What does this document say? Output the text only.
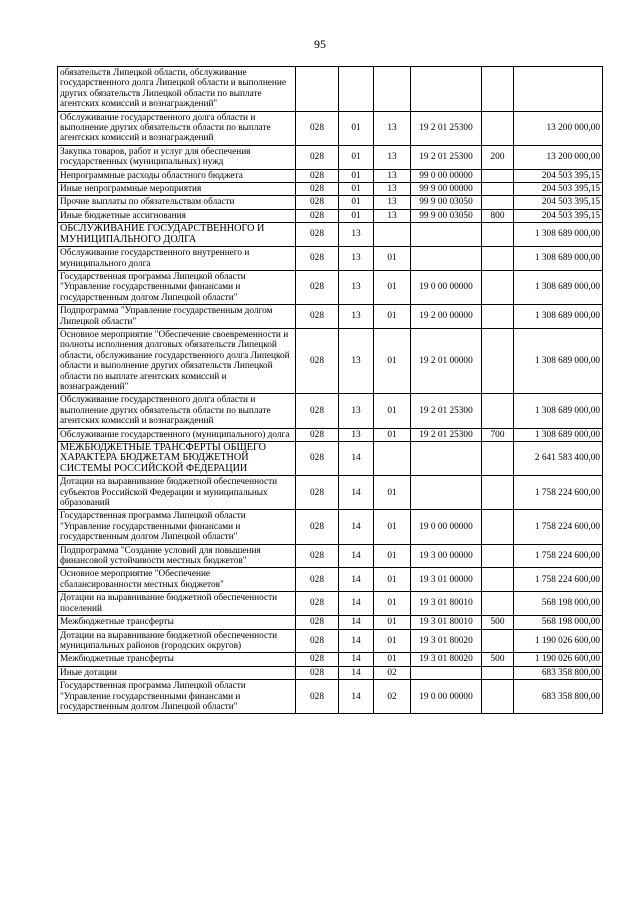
95
обязательств Липецкой области, обслуживание государственного долга Липецкой области и выполнение других обязательств Липецкой области по выплате агентских комиссий и вознаграждений"						
Обслуживание государственного долга области и выполнение других обязательств области по выплате агентских комиссий и вознаграждений	028	01	13	19 2 01 25300		13 200 000,00
Закупка товаров, работ и услуг для обеспечения государственных (муниципальных) нужд	028	01	13	19 2 01 25300	200	13 200 000,00
Непрограммные расходы областного бюджета	028	01	13	99 0 00 00000		204 503 395,15
Иные непрограммные мероприятия	028	01	13	99 9 00 00000		204 503 395,15
Прочие выплаты по обязательствам области	028	01	13	99 9 00 03050		204 503 395,15
Иные бюджетные ассигнования	028	01	13	99 9 00 03050	800	204 503 395,15
ОБСЛУЖИВАНИЕ ГОСУДАРСТВЕННОГО И МУНИЦИПАЛЬНОГО ДОЛГА	028	13				1 308 689 000,00
Обслуживание государственного внутреннего и муниципального долга	028	13	01			1 308 689 000,00
Государственная программа Липецкой области "Управление государственными финансами и государственным долгом Липецкой области"	028	13	01	19 0 00 00000		1 308 689 000,00
Подпрограмма "Управление государственным долгом Липецкой области"	028	13	01	19 2 00 00000		1 308 689 000,00
Основное мероприятие "Обеспечение своевременности и полноты исполнения долговых обязательств Липецкой области, обслуживание государственного долга Липецкой области и выполнение других обязательств Липецкой области по выплате агентских комиссий и вознаграждений"	028	13	01	19 2 01 00000		1 308 689 000,00
Обслуживание государственного долга области и выполнение других обязательств области по выплате агентских комиссий и вознаграждений	028	13	01	19 2 01 25300		1 308 689 000,00
Обслуживание государственного (муниципального) долга	028	13	01	19 2 01 25300	700	1 308 689 000,00
МЕЖБЮДЖЕТНЫЕ ТРАНСФЕРТЫ ОБЩЕГО ХАРАКТЕРА БЮДЖЕТАМ БЮДЖЕТНОЙ СИСТЕМЫ РОССИЙСКОЙ ФЕДЕРАЦИИ	028	14				2 641 583 400,00
Дотации на выравнивание бюджетной обеспеченности субъектов Российской Федерации и муниципальных образований	028	14	01			1 758 224 600,00
Государственная программа Липецкой области "Управление государственными финансами и государственным долгом Липецкой области"	028	14	01	19 0 00 00000		1 758 224 600,00
Подпрограмма "Создание условий для повышения финансовой устойчивости местных бюджетов"	028	14	01	19 3 00 00000		1 758 224 600,00
Основное мероприятие "Обеспечение сбалансированности местных бюджетов"	028	14	01	19 3 01 00000		1 758 224 600,00
Дотации на выравнивание бюджетной обеспеченности поселений	028	14	01	19 3 01 80010		568 198 000,00
Межбюджетные трансферты	028	14	01	19 3 01 80010	500	568 198 000,00
Дотации на выравнивание бюджетной обеспеченности муниципальных районов (городских округов)	028	14	01	19 3 01 80020		1 190 026 600,00
Межбюджетные трансферты	028	14	01	19 3 01 80020	500	1 190 026 600,00
Иные дотации	028	14	02			683 358 800,00
Государственная программа Липецкой области "Управление государственными финансами и государственным долгом Липецкой области"	028	14	02	19 0 00 00000		683 358 800,00
